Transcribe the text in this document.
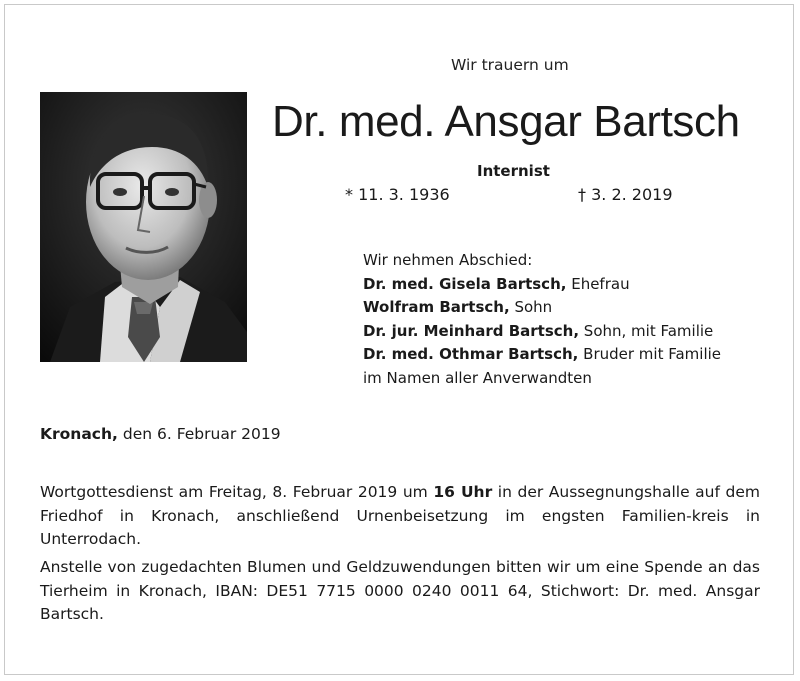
Wir trauern um
Dr. med. Ansgar Bartsch
Internist
* 11. 3. 1936	† 3. 2. 2019
Wir nehmen Abschied:
Dr. med. Gisela Bartsch, Ehefrau
Wolfram Bartsch, Sohn
Dr. jur. Meinhard Bartsch, Sohn, mit Familie
Dr. med. Othmar Bartsch, Bruder mit Familie
im Namen aller Anverwandten
Kronach, den 6. Februar 2019

Wortgottesdienst am Freitag, 8. Februar 2019 um 16 Uhr in der Aussegnungshalle auf dem Friedhof in Kronach, anschließend Urnenbeisetzung im engsten Familien-kreis in Unterrodach.

Anstelle von zugedachten Blumen und Geldzuwendungen bitten wir um eine Spende an das Tierheim in Kronach, IBAN: DE51 7715 0000 0240 0011 64, Stichwort: Dr. med. Ansgar Bartsch.
